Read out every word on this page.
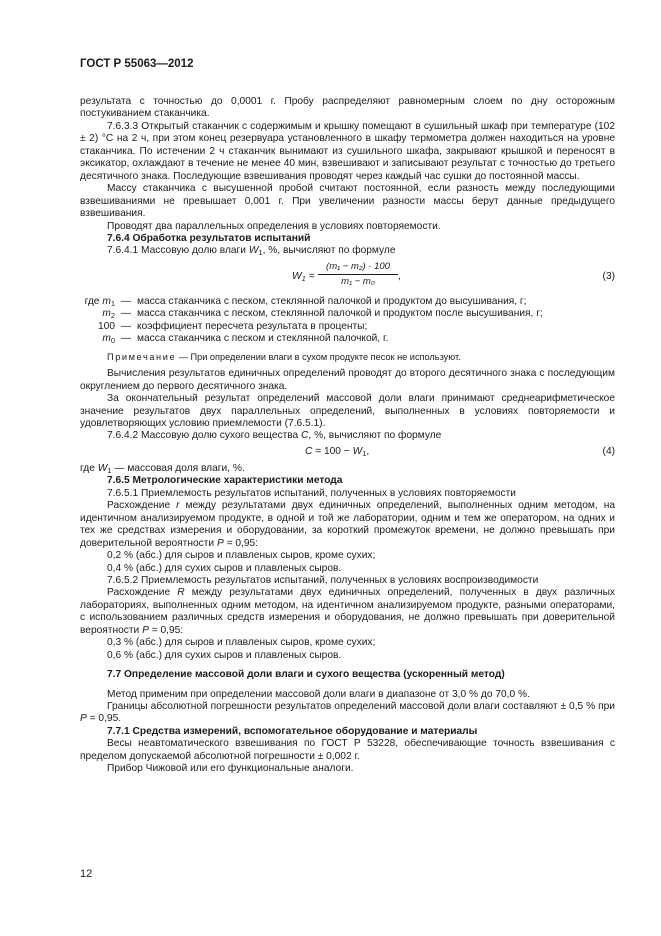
ГОСТ Р 55063—2012

результата с точностью до 0,0001 г. Пробу распределяют равномерным слоем по дну осторожным постукиванием стаканчика.

7.6.3.3 Открытый стаканчик с содержимым и крышку помещают в сушильный шкаф при температуре (102 ± 2) °С на 2 ч, при этом конец резервуара установленного в шкафу термометра должен находиться на уровне стаканчика. По истечении 2 ч стаканчик вынимают из сушильного шкафа, закрывают крышкой и переносят в эксикатор, охлаждают в течение не менее 40 мин, взвешивают и записывают результат с точностью до третьего десятичного знака. Последующие взвешивания проводят через каждый час сушки до постоянной массы.

Массу стаканчика с высушенной пробой считают постоянной, если разность между последующими взвешиваниями не превышает 0,001 г. При увеличении разности массы берут данные предыдущего взвешивания.

Проводят два параллельных определения в условиях повторяемости.

7.6.4 Обработка результатов испытаний

7.6.4.1 Массовую долю влаги $W_1$, %, вычисляют по формуле

$W_1 = \frac{\text{(m₁ − m₂) · 100}}{\text{m₁ − m₀}}$ ,	(3)
где $m_1$ — масса стаканчика с песком, стеклянной палочкой и продуктом до высушивания, г;
$m_2$ — масса стаканчика с песком, стеклянной палочкой и продуктом после высушивания, г;
100 — коэффициент пересчета результата в проценты;
$m_0$ — масса стаканчика с песком и стеклянной палочкой, г.

Примечание — При определении влаги в сухом продукте песок не используют.

Вычисления результатов единичных определений проводят до второго десятичного знака с последующим округлением до первого десятичного знака.

За окончательный результат определений массовой доли влаги принимают среднеарифметическое значение результатов двух параллельных определений, выполненных в условиях повторяемости и удовлетворяющих условию приемлемости (7.6.5.1).

7.6.4.2 Массовую долю сухого вещества C, %, вычисляют по формуле

$C = 100 - W_1$,	(4)

где $W_1$ — массовая доля влаги, %.

7.6.5 Метрологические характеристики метода

7.6.5.1 Приемлемость результатов испытаний, полученных в условиях повторяемости

Расхождение r между результатами двух единичных определений, выполненных одним методом, на идентичном анализируемом продукте, в одной и той же лаборатории, одним и тем же оператором, на одних и тех же средствах измерения и оборудовании, за короткий промежуток времени, не должно превышать при доверительной вероятности P = 0,95:

0,2 % (абс.) для сыров и плавленых сыров, кроме сухих;

0,4 % (абс.) для сухих сыров и плавленых сыров.

7.6.5.2 Приемлемость результатов испытаний, полученных в условиях воспроизводимости

Расхождение R между результатами двух единичных определений, полученных в двух различных лабораториях, выполненных одним методом, на идентичном анализируемом продукте, разными операторами, с использованием различных средств измерения и оборудования, не должно превышать при доверительной вероятности P = 0,95:

0,3 % (абс.) для сыров и плавленых сыров, кроме сухих;

0,6 % (абс.) для сухих сыров и плавленых сыров.

7.7 Определение массовой доли влаги и сухого вещества (ускоренный метод)

Метод применим при определении массовой доли влаги в диапазоне от 3,0 % до 70,0 %.

Границы абсолютной погрешности результатов определений массовой доли влаги составляют ± 0,5 % при P = 0,95.

7.7.1 Средства измерений, вспомогательное оборудование и материалы

Весы неавтоматического взвешивания по ГОСТ Р 53228, обеспечивающие точность взвешивания с пределом допускаемой абсолютной погрешности ± 0,002 г.

Прибор Чижовой или его функциональные аналоги.

12
